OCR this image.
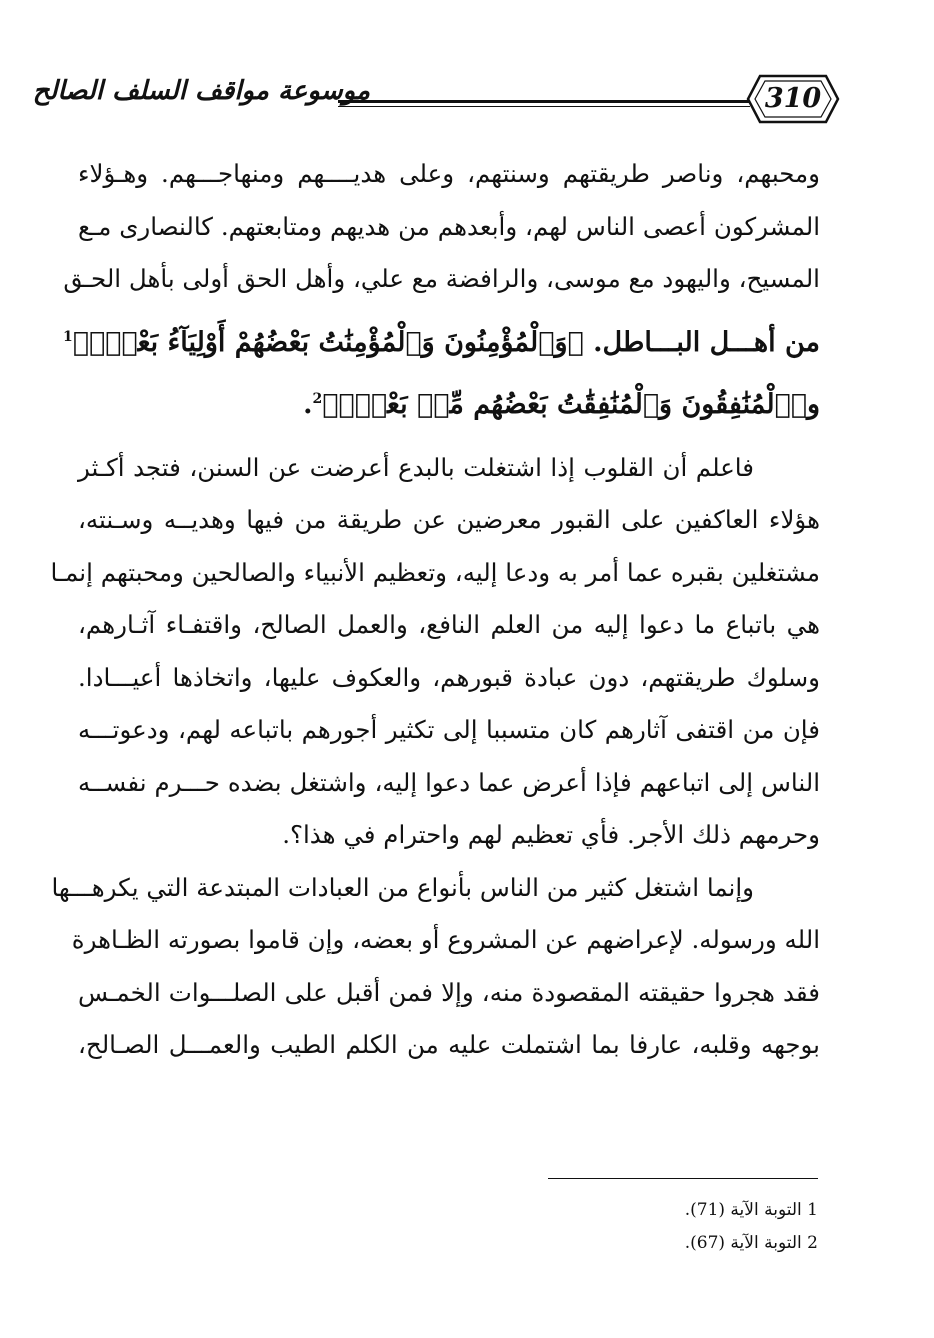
موسوعة مواقف السلف الصالح	310
ومحبهم، وناصر طريقتهم وسنتهم، وعلى هديــــهم ومنهاجـــهم. وهـؤلاء
المشركون أعصى الناس لهم، وأبعدهم من هديهم ومتابعتهم. كالنصارى مـع
المسيح، واليهود مع موسى، والرافضة مع علي، وأهل الحق أولى بأهل الحـق
من أهـــل البـــاطل. ﴿وَٱلْمُؤْمِنُونَ وَٱلْمُؤْمِنَٰتُ بَعْضُهُمْ أَوْلِيَآءُ بَعْضٍۢ﴾$^1$
و﴿ٱلْمُنَٰفِقُونَ وَٱلْمُنَٰفِقَٰتُ بَعْضُهُم مِّنۢ بَعْضٍۢ﴾$^2$.
فاعلم أن القلوب إذا اشتغلت بالبدع أعرضت عن السنن، فتجد أكـثر
هؤلاء العاكفين على القبور معرضين عن طريقة من فيها وهديــه وسـنته،
مشتغلين بقبره عما أمر به ودعا إليه، وتعظيم الأنبياء والصالحين ومحبتهم إنمـا
هي باتباع ما دعوا إليه من العلم النافع، والعمل الصالح، واقتفـاء آثـارهم،
وسلوك طريقتهم، دون عبادة قبورهم، والعكوف عليها، واتخاذها أعيـــادا.
فإن من اقتفى آثارهم كان متسببا إلى تكثير أجورهم باتباعه لهم، ودعوتـــه
الناس إلى اتباعهم فإذا أعرض عما دعوا إليه، واشتغل بضده حـــرم نفســه
وحرمهم ذلك الأجر. فأي تعظيم لهم واحترام في هذا؟.
وإنما اشتغل كثير من الناس بأنواع من العبادات المبتدعة التي يكرهـــها
الله ورسوله. لإعراضهم عن المشروع أو بعضه، وإن قاموا بصورته الظـاهرة
فقد هجروا حقيقته المقصودة منه، وإلا فمن أقبل على الصلـــوات الخمـس
بوجهه وقلبه، عارفا بما اشتملت عليه من الكلم الطيب والعمـــل الصـالح،
1 التوبة الآية (71).
2 التوبة الآية (67).
